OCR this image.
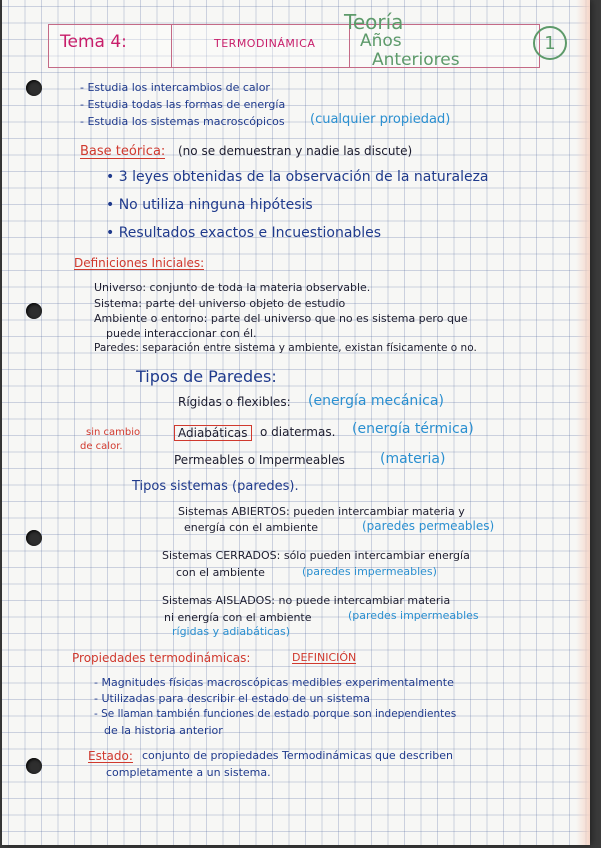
Tema 4:	TERMODINÁMICA
Teoría
Años
Anteriores
1
- Estudia los intercambios de calor
- Estudia todas las formas de energía
- Estudia los sistemas macroscópicos (cualquier propiedad)
Base teórica: (no se demuestran y nadie las discute)
• 3 leyes obtenidas de la observación de la naturaleza
• No utiliza ninguna hipótesis
• Resultados exactos e Incuestionables
Definiciones Iniciales:
Universo: conjunto de toda la materia observable.
Sistema: parte del universo objeto de estudio
Ambiente o entorno: parte del universo que no es sistema pero que
puede interaccionar con él.
Paredes: separación entre sistema y ambiente, existan físicamente o no.
Tipos de Paredes:
Rígidas o flexibles: (energía mecánica)
sin cambio
de calor.
Adiabáticas	o diatermas. (energía térmica)
Permeables o Impermeables	(materia)
Tipos sistemas (paredes).
Sistemas ABIERTOS: pueden intercambiar materia y
energía con el ambiente	(paredes permeables)
Sistemas CERRADOS: sólo pueden intercambiar energía
con el ambiente	(paredes impermeables)
Sistemas AISLADOS: no puede intercambiar materia
ni energía con el ambiente	(paredes impermeables
rígidas y adiabáticas)
Propiedades termodinámicas:	DEFINICIÓN
- Magnitudes físicas macroscópicas medibles experimentalmente
- Utilizadas para describir el estado de un sistema
- Se llaman también funciones de estado porque son independientes
de la historia anterior
Estado: conjunto de propiedades Termodinámicas que describen
completamente a un sistema.
